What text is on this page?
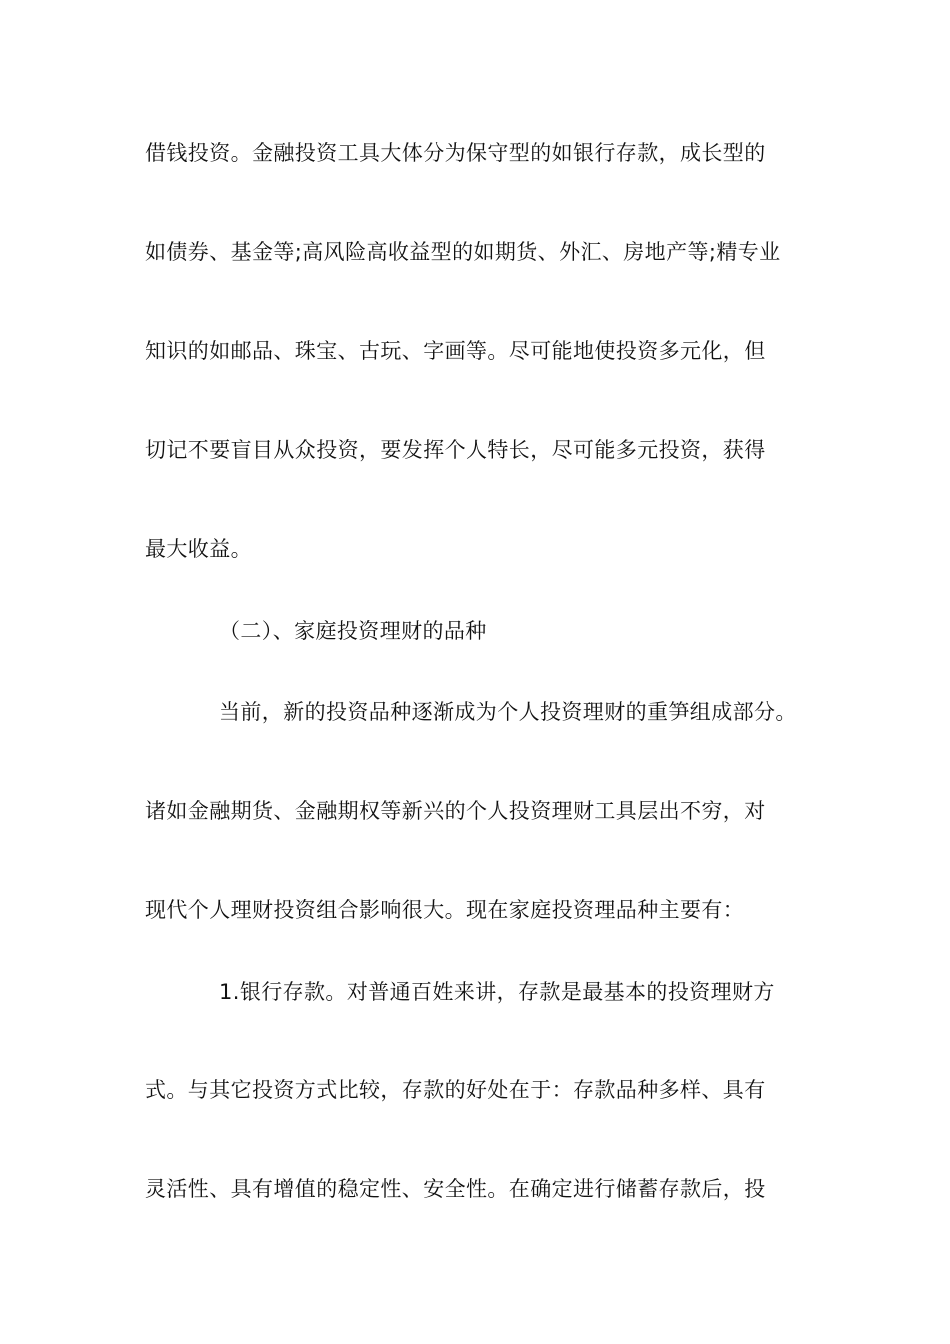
借钱投资。金融投资工具大体分为保守型的如银行存款，成长型的
如债券、基金等;高风险高收益型的如期货、外汇、房地产等;精专业
知识的如邮品、珠宝、古玩、字画等。尽可能地使投资多元化，但
切记不要盲目从众投资，要发挥个人特长，尽可能多元投资，获得
最大收益。
（二）、家庭投资理财的品种
当前，新的投资品种逐渐成为个人投资理财的重笋组成部分。
诸如金融期货、金融期权等新兴的个人投资理财工具层出不穷，对
现代个人理财投资组合影响很大。现在家庭投资理品种主要有：
1.银行存款。对普通百姓来讲，存款是最基本的投资理财方
式。与其它投资方式比较，存款的好处在于：存款品种多样、具有
灵活性、具有增值的稳定性、安全性。在确定进行储蓄存款后，投
